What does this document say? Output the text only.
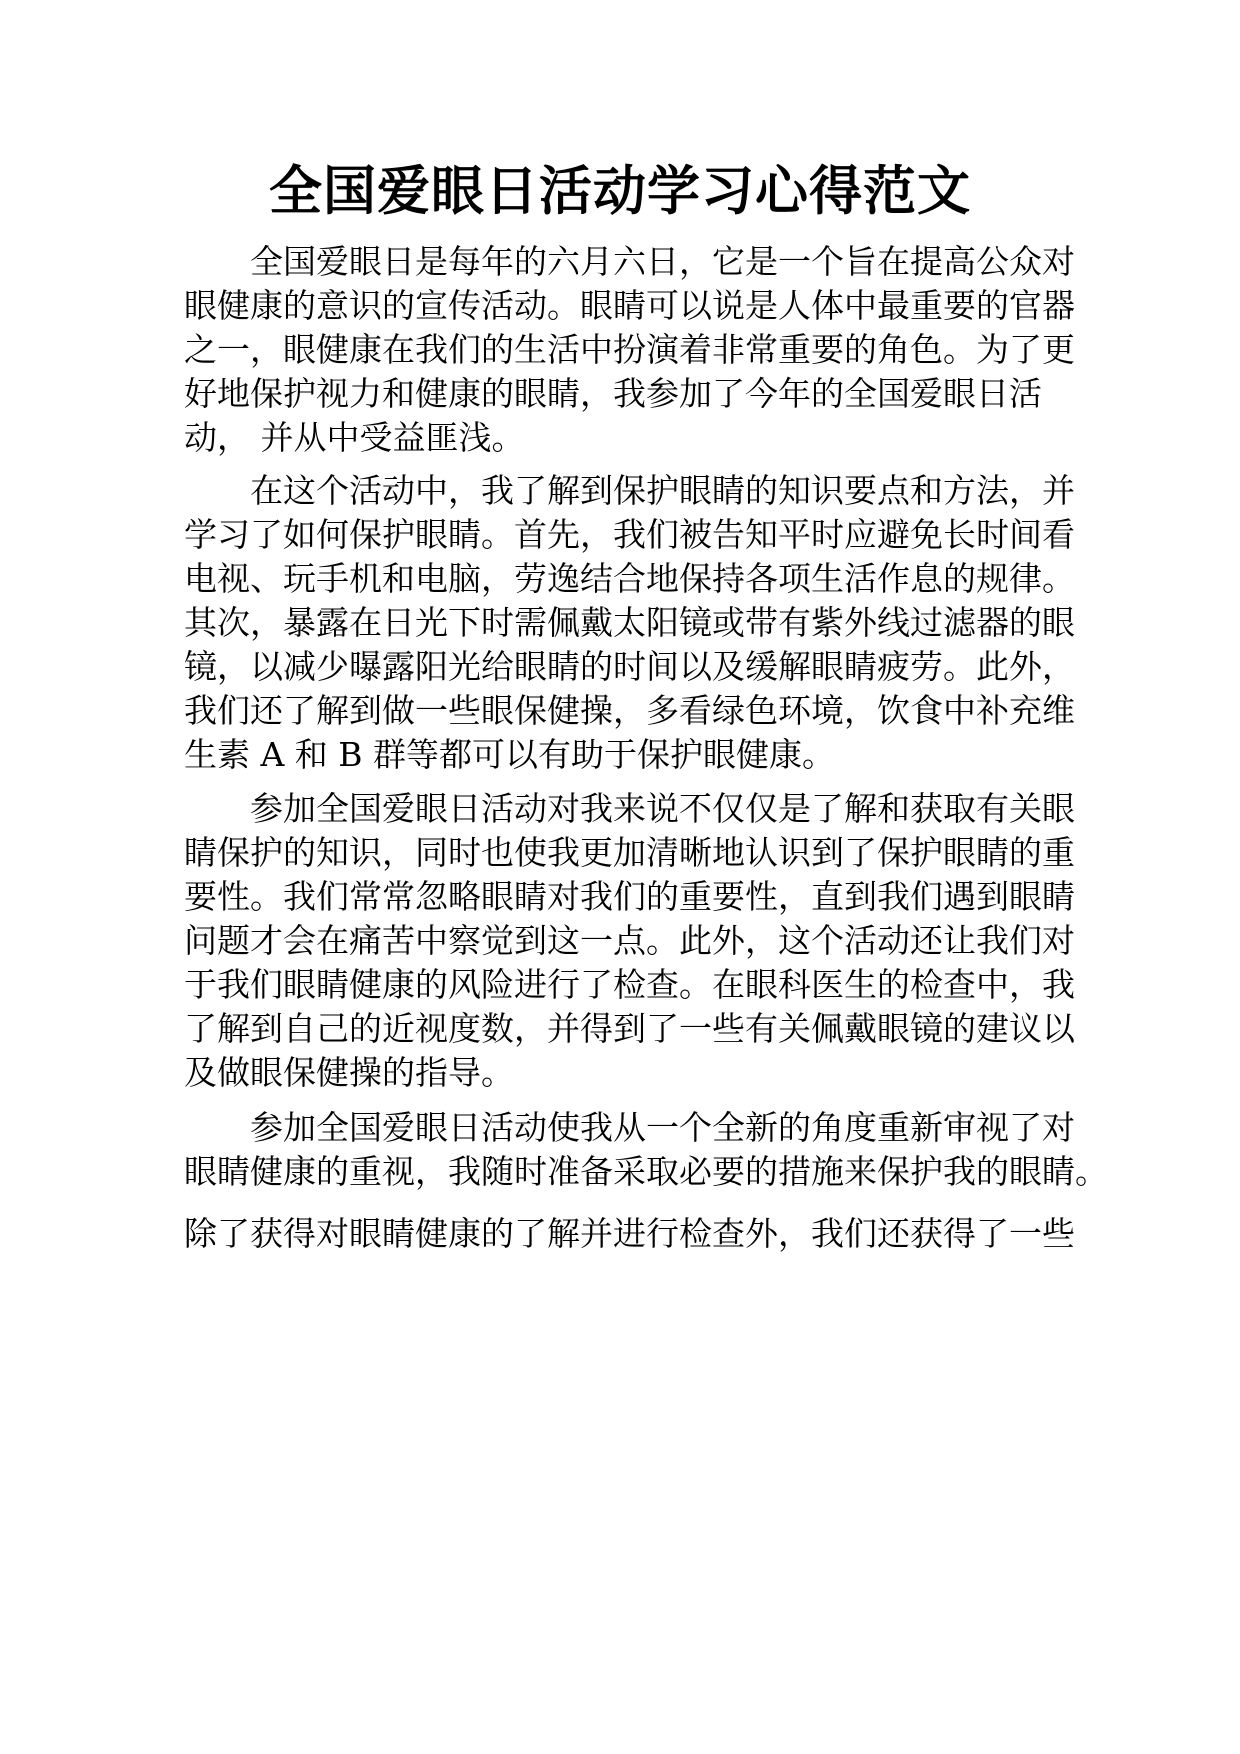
全国爱眼日活动学习心得范文

全国爱眼日是每年的六月六日，它是一个旨在提高公众对
眼健康的意识的宣传活动。眼睛可以说是人体中最重要的官器
之一，眼健康在我们的生活中扮演着非常重要的角色。为了更
好地保护视力和健康的眼睛，我参加了今年的全国爱眼日活
动， 并从中受益匪浅。

在这个活动中，我了解到保护眼睛的知识要点和方法，并
学习了如何保护眼睛。首先，我们被告知平时应避免长时间看
电视、玩手机和电脑，劳逸结合地保持各项生活作息的规律。
其次，暴露在日光下时需佩戴太阳镜或带有紫外线过滤器的眼
镜，以减少曝露阳光给眼睛的时间以及缓解眼睛疲劳。此外，
我们还了解到做一些眼保健操，多看绿色环境，饮食中补充维
生素 A 和 B 群等都可以有助于保护眼健康。

参加全国爱眼日活动对我来说不仅仅是了解和获取有关眼
睛保护的知识，同时也使我更加清晰地认识到了保护眼睛的重
要性。我们常常忽略眼睛对我们的重要性，直到我们遇到眼睛
问题才会在痛苦中察觉到这一点。此外，这个活动还让我们对
于我们眼睛健康的风险进行了检查。在眼科医生的检查中，我
了解到自己的近视度数，并得到了一些有关佩戴眼镜的建议以
及做眼保健操的指导。

参加全国爱眼日活动使我从一个全新的角度重新审视了对
眼睛健康的重视，我随时准备采取必要的措施来保护我的眼睛。

除了获得对眼睛健康的了解并进行检查外，我们还获得了一些
